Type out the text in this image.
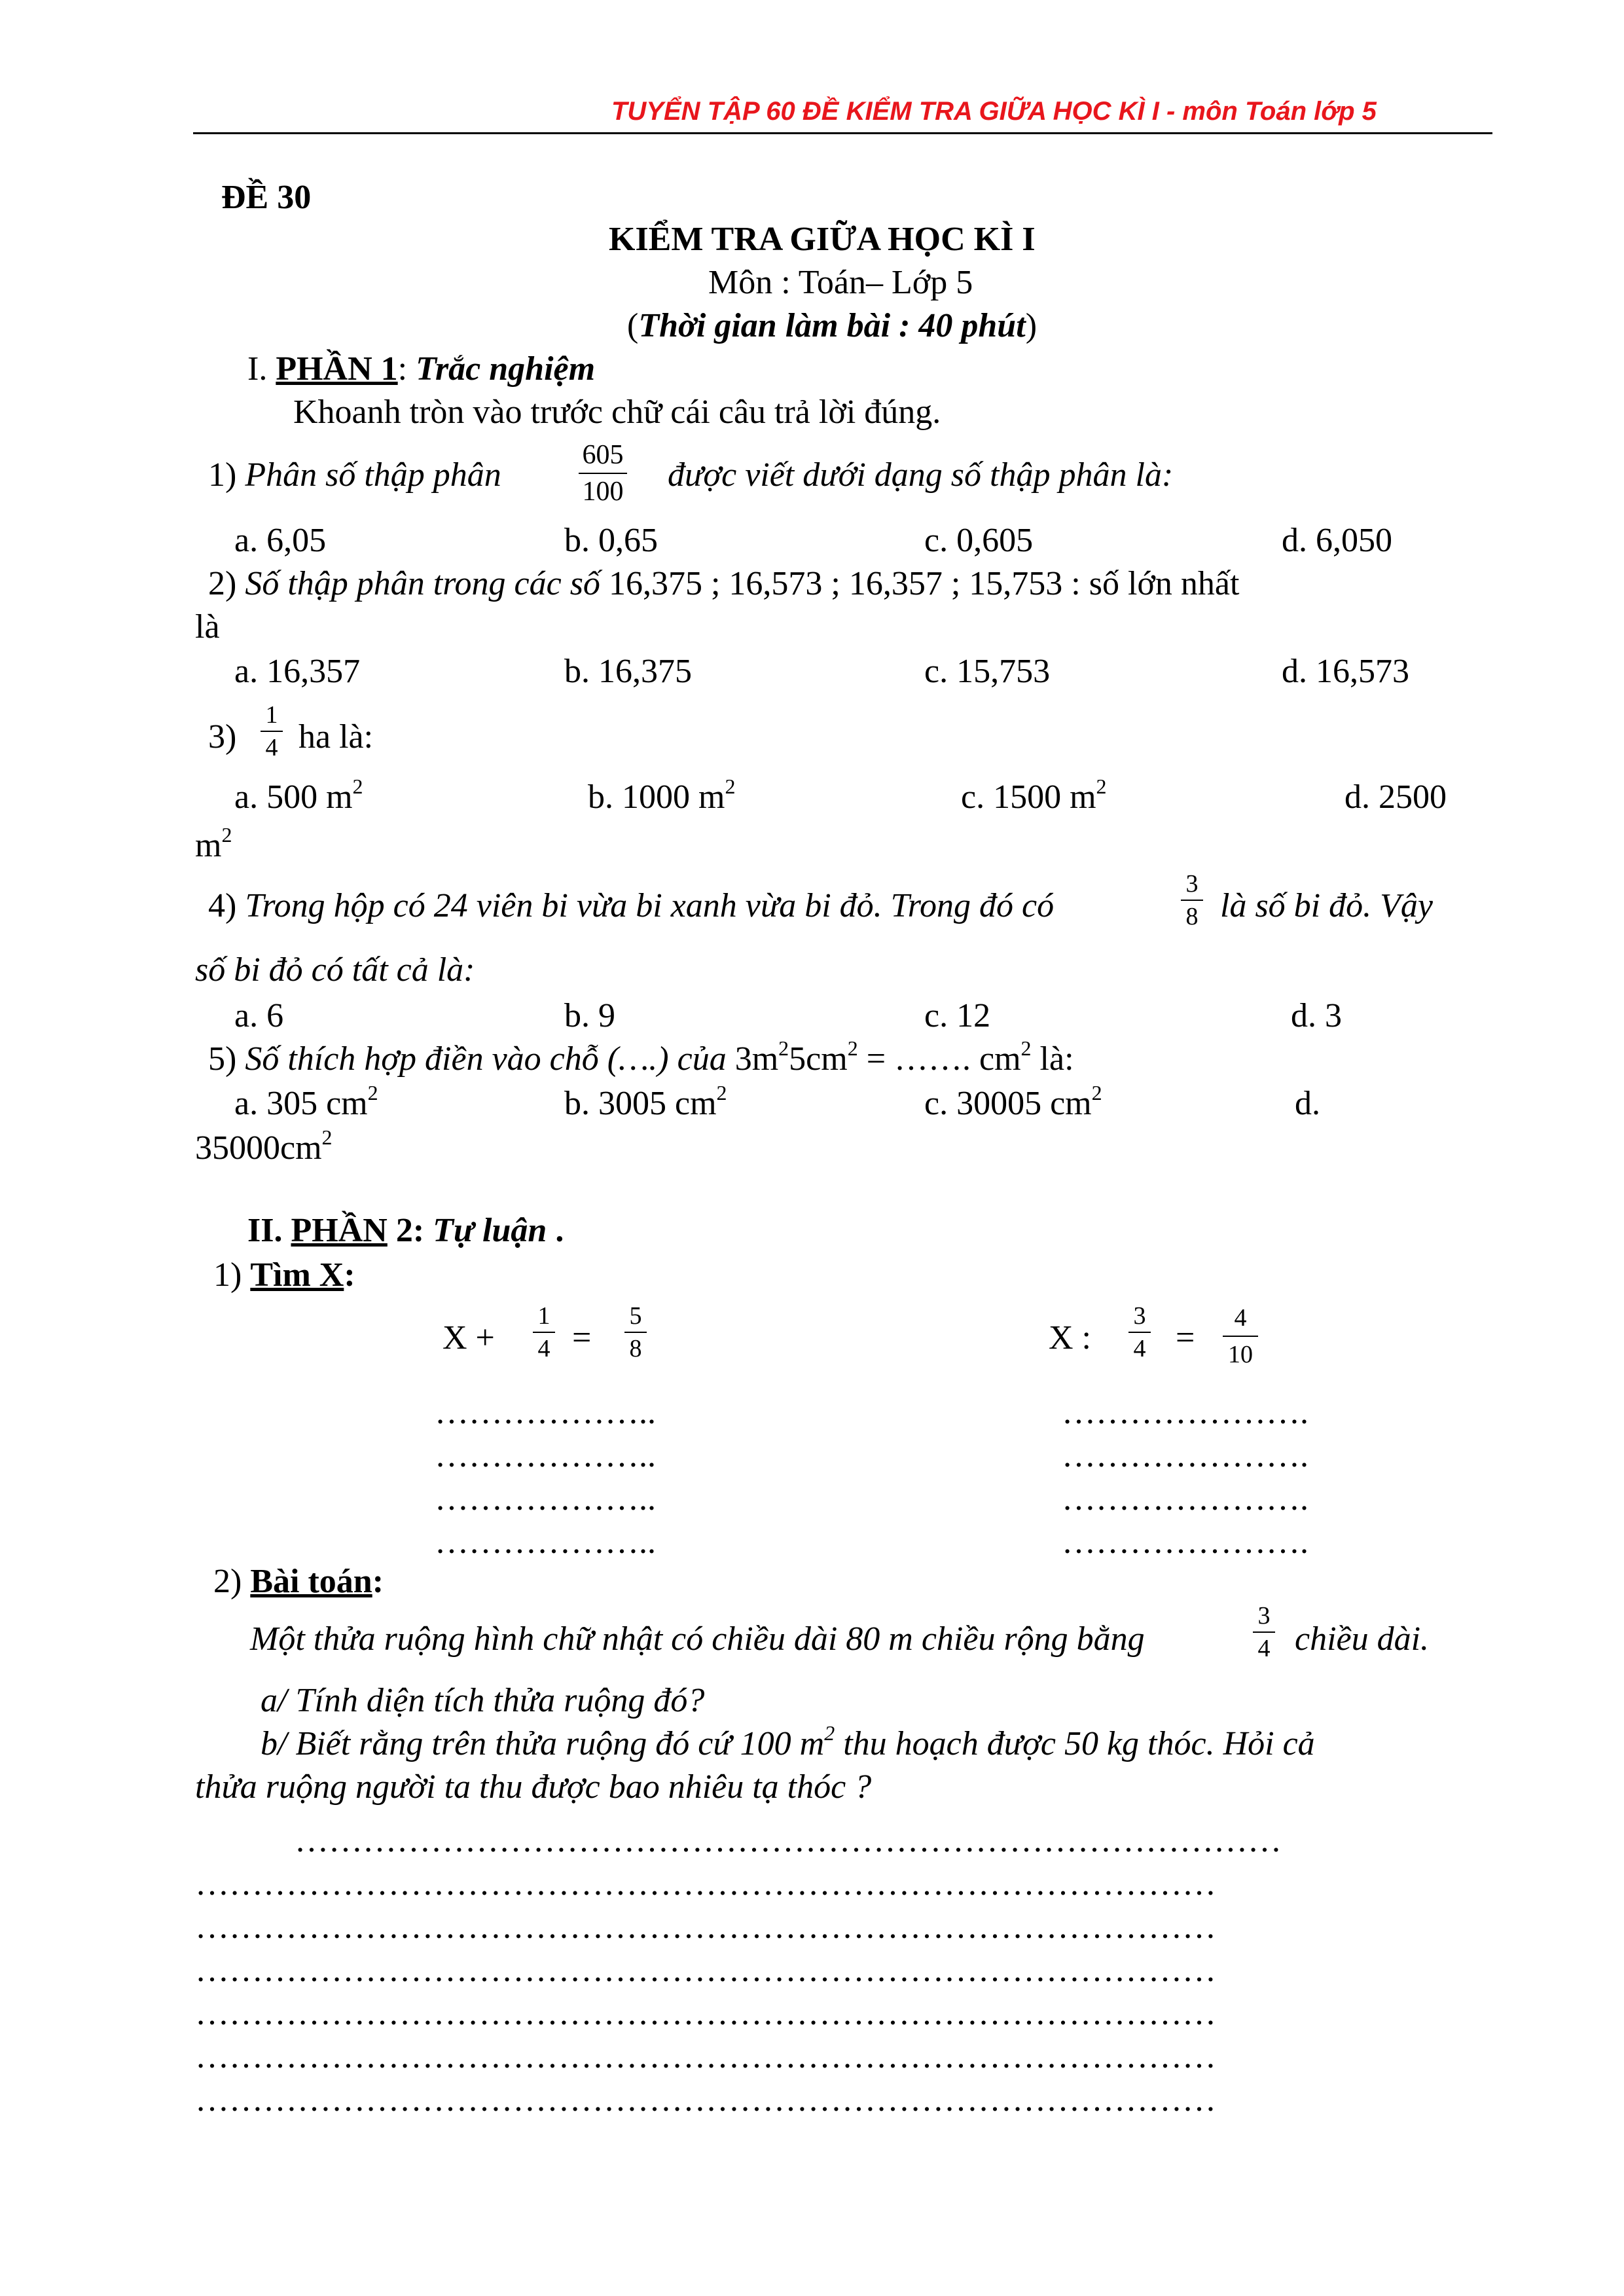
TUYỂN TẬP 60 ĐỀ KIỂM TRA GIỮA HỌC KÌ I - môn Toán lớp 5
ĐỀ 30
KIỂM TRA GIỮA HỌC KÌ I
Môn : Toán– Lớp 5
(Thời gian làm bài : 40 phút)
I. PHẦN 1: Trắc nghiệm
Khoanh tròn vào trước chữ cái câu trả lời đúng.
1) Phân số thập phân
605
100 được viết dưới dạng số thập phân là:
a. 6,05	b. 0,65	c. 0,605	d. 6,050
2) Số thập phân trong các số 16,375 ; 16,573 ; 16,357 ; 15,753 : số lớn nhất
là
a. 16,357	b. 16,375	c. 15,753	d. 16,573
3)
1
4 ha là:
a. 500 $m^2$	b. 1000 $m^2$	c. 1500 $m^2$	d. 2500
$m^2$
4) Trong hộp có 24 viên bi vừa bi xanh vừa bi đỏ. Trong đó có
3
8 là số bi đỏ. Vậy
số bi đỏ có tất cả là:
a. 6	b. 9	c. 12	d. 3
5) Số thích hợp điền vào chỗ (….) của $3m^25cm^2$ = ……. $cm^2$ là:
a. 305 $cm^2$	b. 3005 $cm^2$	c. 30005 $cm^2$	d.
$35000cm^2$
II. PHẦN 2: Tự luận .
1) Tìm X:
X +
1
4 =
5
8	X :
3
4 =
4
10
………………..
………………..
………………..
………………..
………………….
………………….
………………….
………………….
2) Bài toán:
Một thửa ruộng hình chữ nhật có chiều dài 80 m chiều rộng bằng
3
4 chiều dài.
a/ Tính diện tích thửa ruộng đó?
b/ Biết rằng trên thửa ruộng đó cứ 100 $m^2$ thu hoạch được 50 kg thóc. Hỏi cả
thửa ruộng người ta thu được bao nhiêu tạ thóc ?
……………………………………………………………………………
………………………………………………………………………………
………………………………………………………………………………
………………………………………………………………………………
………………………………………………………………………………
………………………………………………………………………………
………………………………………………………………………………
